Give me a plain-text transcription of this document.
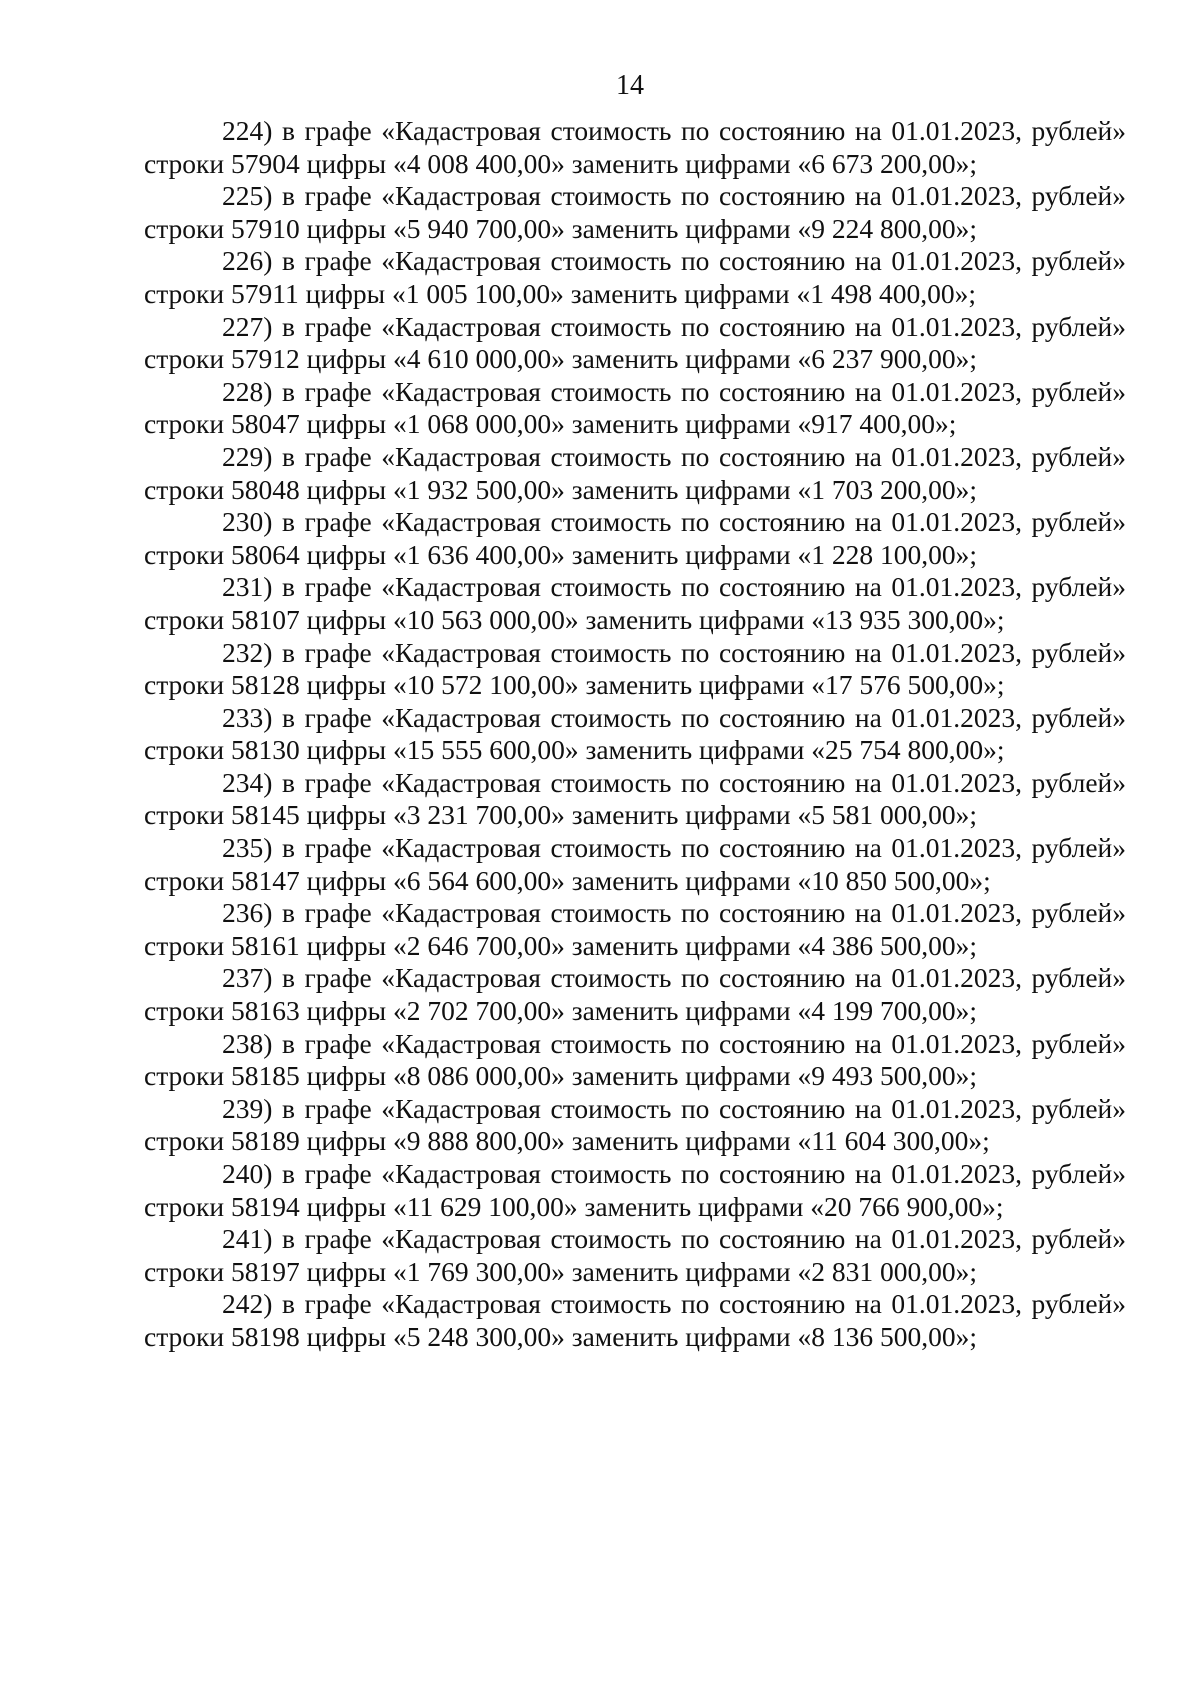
14

224) в графе «Кадастровая стоимость по состоянию на 01.01.2023, рублей» строки 57904 цифры «4 008 400,00» заменить цифрами «6 673 200,00»;

225) в графе «Кадастровая стоимость по состоянию на 01.01.2023, рублей» строки 57910 цифры «5 940 700,00» заменить цифрами «9 224 800,00»;

226) в графе «Кадастровая стоимость по состоянию на 01.01.2023, рублей» строки 57911 цифры «1 005 100,00» заменить цифрами «1 498 400,00»;

227) в графе «Кадастровая стоимость по состоянию на 01.01.2023, рублей» строки 57912 цифры «4 610 000,00» заменить цифрами «6 237 900,00»;

228) в графе «Кадастровая стоимость по состоянию на 01.01.2023, рублей» строки 58047 цифры «1 068 000,00» заменить цифрами «917 400,00»;

229) в графе «Кадастровая стоимость по состоянию на 01.01.2023, рублей» строки 58048 цифры «1 932 500,00» заменить цифрами «1 703 200,00»;

230) в графе «Кадастровая стоимость по состоянию на 01.01.2023, рублей» строки 58064 цифры «1 636 400,00» заменить цифрами «1 228 100,00»;

231) в графе «Кадастровая стоимость по состоянию на 01.01.2023, рублей» строки 58107 цифры «10 563 000,00» заменить цифрами «13 935 300,00»;

232) в графе «Кадастровая стоимость по состоянию на 01.01.2023, рублей» строки 58128 цифры «10 572 100,00» заменить цифрами «17 576 500,00»;

233) в графе «Кадастровая стоимость по состоянию на 01.01.2023, рублей» строки 58130 цифры «15 555 600,00» заменить цифрами «25 754 800,00»;

234) в графе «Кадастровая стоимость по состоянию на 01.01.2023, рублей» строки 58145 цифры «3 231 700,00» заменить цифрами «5 581 000,00»;

235) в графе «Кадастровая стоимость по состоянию на 01.01.2023, рублей» строки 58147 цифры «6 564 600,00» заменить цифрами «10 850 500,00»;

236) в графе «Кадастровая стоимость по состоянию на 01.01.2023, рублей» строки 58161 цифры «2 646 700,00» заменить цифрами «4 386 500,00»;

237) в графе «Кадастровая стоимость по состоянию на 01.01.2023, рублей» строки 58163 цифры «2 702 700,00» заменить цифрами «4 199 700,00»;

238) в графе «Кадастровая стоимость по состоянию на 01.01.2023, рублей» строки 58185 цифры «8 086 000,00» заменить цифрами «9 493 500,00»;

239) в графе «Кадастровая стоимость по состоянию на 01.01.2023, рублей» строки 58189 цифры «9 888 800,00» заменить цифрами «11 604 300,00»;

240) в графе «Кадастровая стоимость по состоянию на 01.01.2023, рублей» строки 58194 цифры «11 629 100,00» заменить цифрами «20 766 900,00»;

241) в графе «Кадастровая стоимость по состоянию на 01.01.2023, рублей» строки 58197 цифры «1 769 300,00» заменить цифрами «2 831 000,00»;

242) в графе «Кадастровая стоимость по состоянию на 01.01.2023, рублей» строки 58198 цифры «5 248 300,00» заменить цифрами «8 136 500,00»;
